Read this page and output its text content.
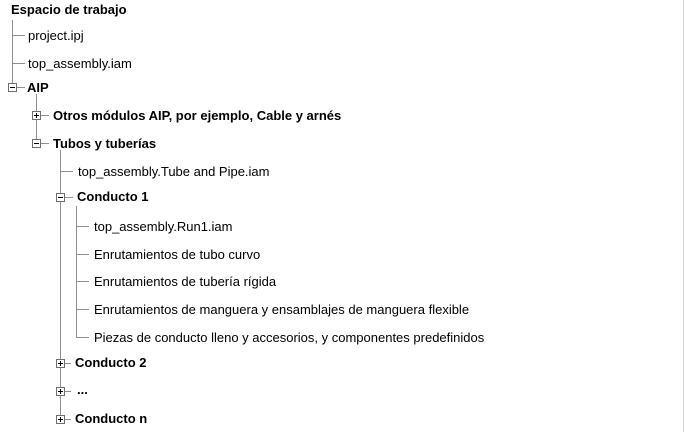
Espacio de trabajo
project.ipj
top_assembly.iam
AIP
Otros módulos AIP, por ejemplo, Cable y arnés
Tubos y tuberías
top_assembly.Tube and Pipe.iam
Conducto 1
top_assembly.Run1.iam
Enrutamientos de tubo curvo
Enrutamientos de tubería rígida
Enrutamientos de manguera y ensamblajes de manguera flexible
Piezas de conducto lleno y accesorios, y componentes predefinidos
Conducto 2
...
Conducto n
